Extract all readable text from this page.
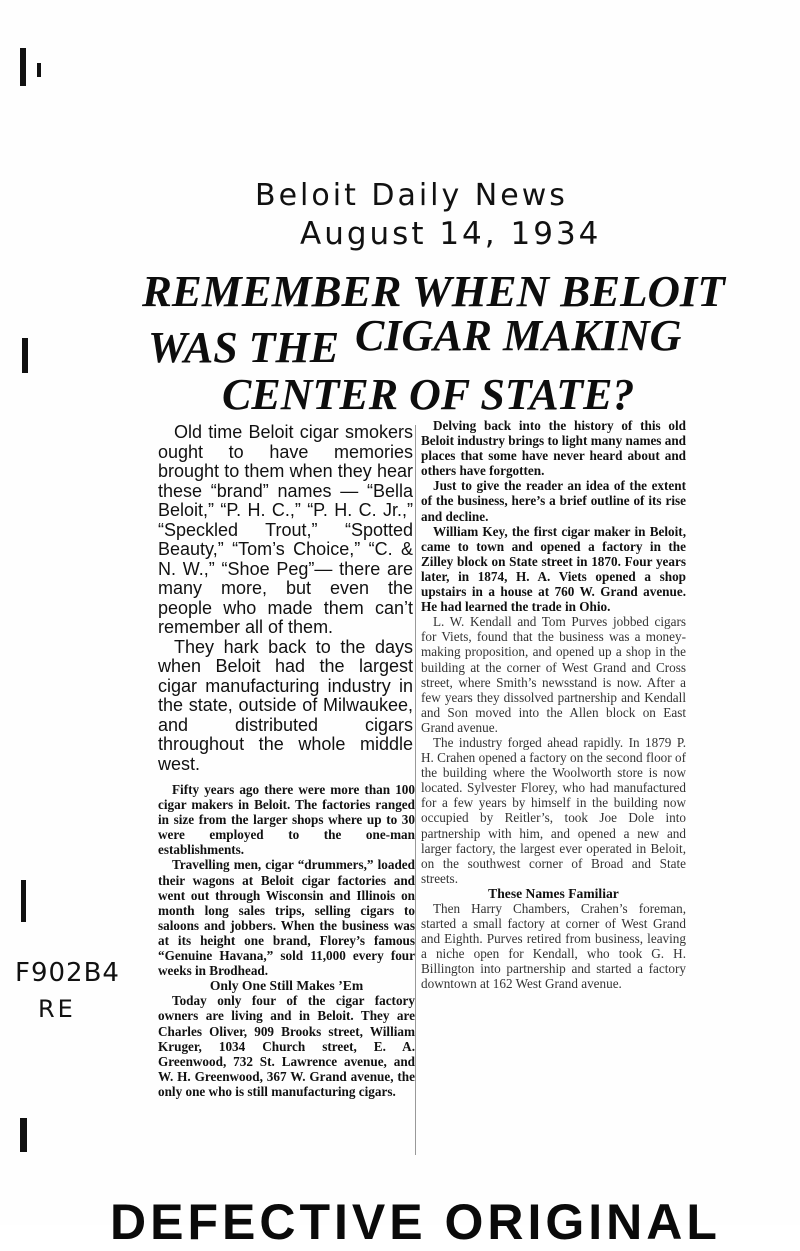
Beloit Daily News
August 14, 1934
REMEMBER WHEN BELOIT
WAS THE CIGAR MAKING
CENTER OF STATE?

Old time Beloit cigar smokers ought to have memories brought to them when they hear these “brand” names — “Bella Beloit,” “P. H. C.,” “P. H. C. Jr.,” “Speckled Trout,” “Spotted Beauty,” “Tom’s Choice,” “C. & N. W.,” “Shoe Peg”— there are many more, but even the people who made them can’t remember all of them.

They hark back to the days when Beloit had the largest cigar manufacturing industry in the state, outside of Milwaukee, and distributed cigars throughout the whole middle west.

Fifty years ago there were more than 100 cigar makers in Beloit. The factories ranged in size from the larger shops where up to 30 were employed to the one-man establishments.

Travelling men, cigar “drummers,” loaded their wagons at Beloit cigar factories and went out through Wisconsin and Illinois on month long sales trips, selling cigars to saloons and jobbers. When the business was at its height one brand, Florey’s famous “Genuine Havana,” sold 11,000 every four weeks in Brodhead.

Only One Still Makes ’Em

Today only four of the cigar factory owners are living and in Beloit. They are Charles Oliver, 909 Brooks street, William Kruger, 1034 Church street, E. A. Greenwood, 732 St. Lawrence avenue, and W. H. Greenwood, 367 W. Grand avenue, the only one who is still manufacturing cigars.

Delving back into the history of this old Beloit industry brings to light many names and places that some have never heard about and others have forgotten.

Just to give the reader an idea of the extent of the business, here’s a brief outline of its rise and decline.

William Key, the first cigar maker in Beloit, came to town and opened a factory in the Zilley block on State street in 1870. Four years later, in 1874, H. A. Viets opened a shop upstairs in a house at 760 W. Grand avenue. He had learned the trade in Ohio.

L. W. Kendall and Tom Purves jobbed cigars for Viets, found that the business was a money-making proposition, and opened up a shop in the building at the corner of West Grand and Cross street, where Smith’s newsstand is now. After a few years they dissolved partnership and Kendall and Son moved into the Allen block on East Grand avenue.

The industry forged ahead rapidly. In 1879 P. H. Crahen opened a factory on the second floor of the building where the Woolworth store is now located. Sylvester Florey, who had manufactured for a few years by himself in the building now occupied by Reitler’s, took Joe Dole into partnership with him, and opened a new and larger factory, the largest ever operated in Beloit, on the southwest corner of Broad and State streets.

These Names Familiar

Then Harry Chambers, Crahen’s foreman, started a small factory at corner of West Grand and Eighth. Purves retired from business, leaving a niche open for Kendall, who took G. H. Billington into partnership and started a factory downtown at 162 West Grand avenue.

F902B4
RE
DEFECTIVE ORIGINAL
